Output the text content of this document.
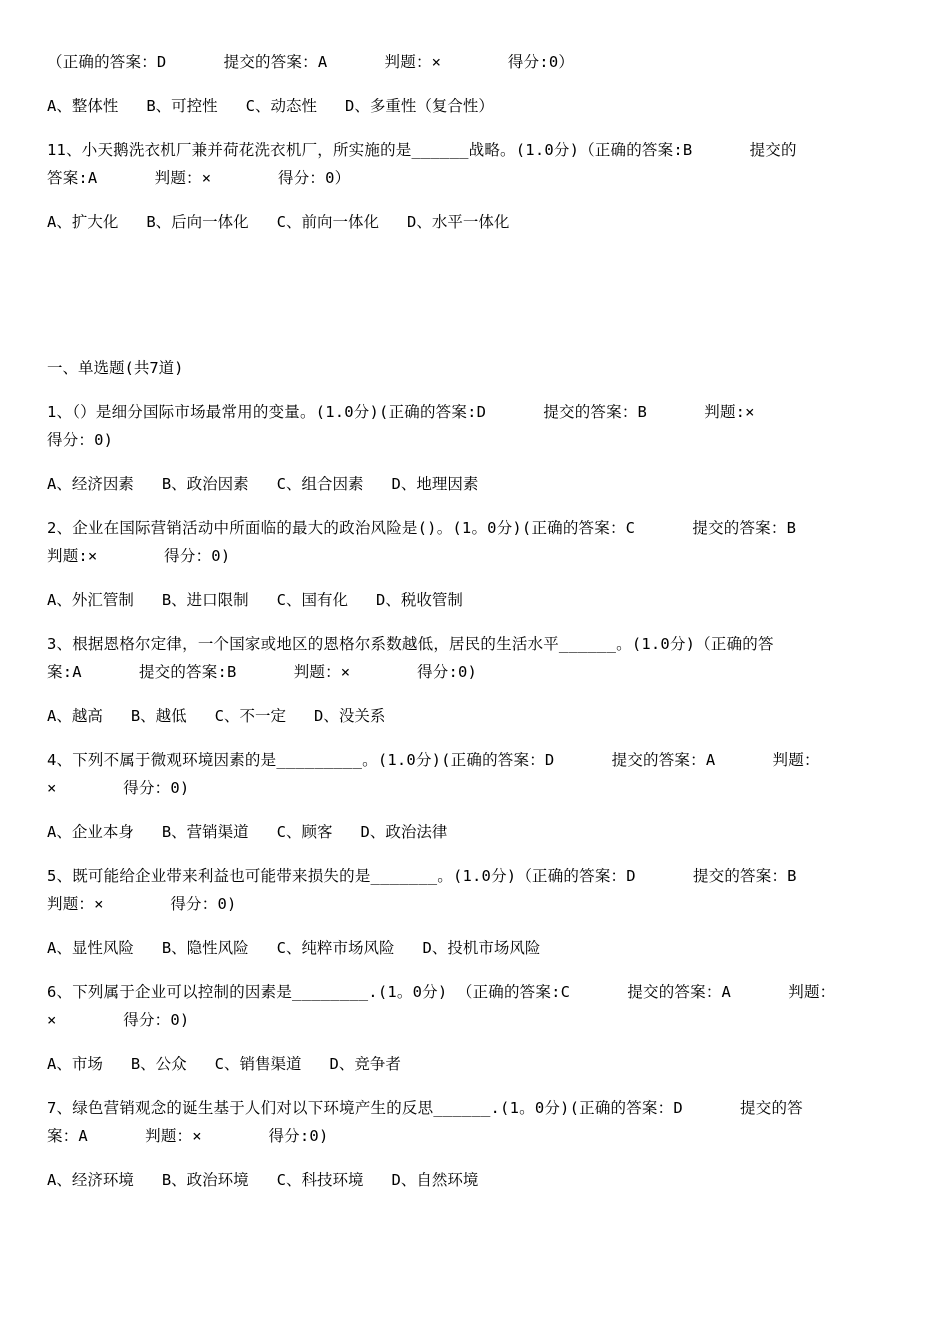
（正确的答案：D      提交的答案：A      判题：×       得分:0）
A、整体性   B、可控性   C、动态性   D、多重性（复合性）
11、小天鹅洗衣机厂兼并荷花洗衣机厂，所实施的是______战略。(1.0分)（正确的答案:B      提交的
答案:A      判题：×       得分：0）
A、扩大化   B、后向一体化   C、前向一体化   D、水平一体化
一、单选题(共7道)
1、（）是细分国际市场最常用的变量。(1.0分)(正确的答案:D      提交的答案：B      判题:×
得分：0)
A、经济因素   B、政治因素   C、组合因素   D、地理因素
2、企业在国际营销活动中所面临的最大的政治风险是()。(1。0分)(正确的答案：C      提交的答案：B
判题:×       得分：0)
A、外汇管制   B、进口限制   C、国有化   D、税收管制
3、根据恩格尔定律，一个国家或地区的恩格尔系数越低，居民的生活水平______。(1.0分)（正确的答
案:A      提交的答案:B      判题：×       得分:0)
A、越高   B、越低   C、不一定   D、没关系
4、下列不属于微观环境因素的是_________。(1.0分)(正确的答案：D      提交的答案：A      判题：
×       得分：0)
A、企业本身   B、营销渠道   C、顾客   D、政治法律
5、既可能给企业带来利益也可能带来损失的是_______。(1.0分)（正确的答案：D      提交的答案：B
判题：×       得分：0)
A、显性风险   B、隐性风险   C、纯粹市场风险   D、投机市场风险
6、下列属于企业可以控制的因素是________.(1。0分) （正确的答案:C      提交的答案：A      判题：
×       得分：0)
A、市场   B、公众   C、销售渠道   D、竞争者
7、绿色营销观念的诞生基于人们对以下环境产生的反思______.(1。0分)(正确的答案：D      提交的答
案：A      判题：×       得分:0)
A、经济环境   B、政治环境   C、科技环境   D、自然环境
